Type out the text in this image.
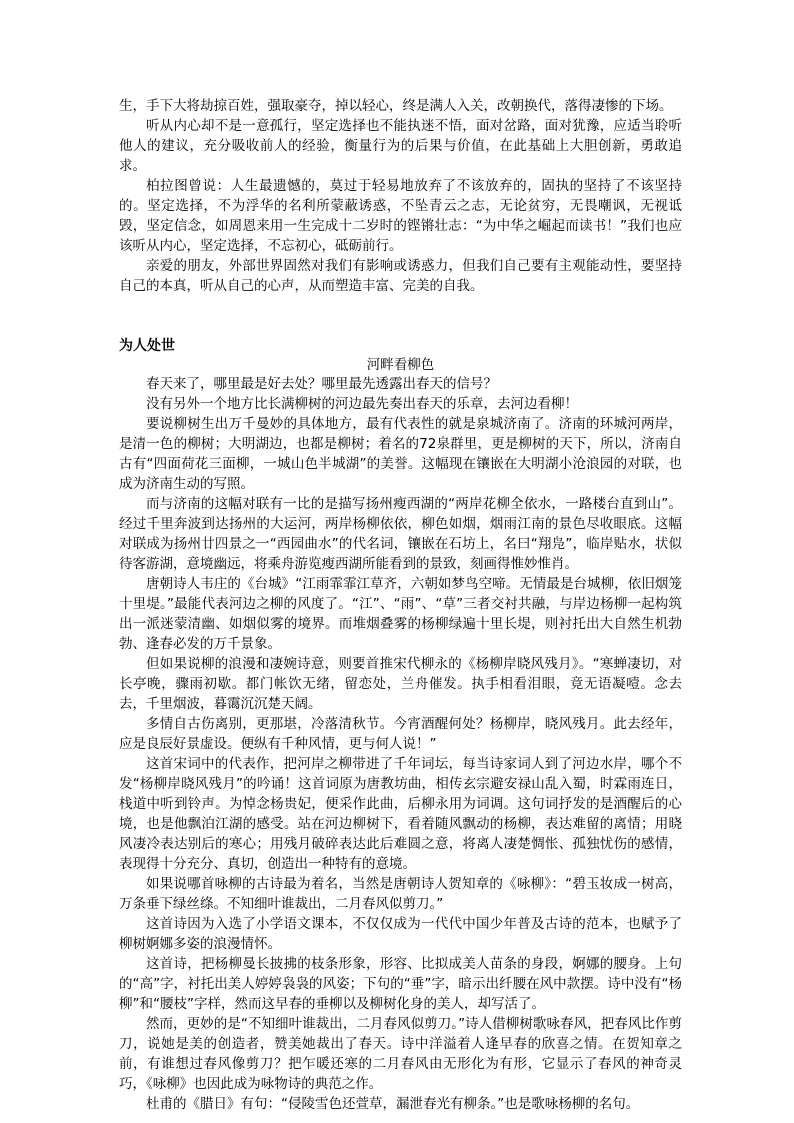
生，手下大将劫掠百姓，强取豪夺，掉以轻心，终是满人入关，改朝换代，落得凄惨的下场。

听从内心却不是一意孤行，坚定选择也不能执迷不悟，面对岔路，面对犹豫，应适当聆听他人的建议，充分吸收前人的经验，衡量行为的后果与价值，在此基础上大胆创新，勇敢追求。

柏拉图曾说：人生最遗憾的，莫过于轻易地放弃了不该放弃的，固执的坚持了不该坚持的。坚定选择，不为浮华的名利所蒙蔽诱惑，不坠青云之志，无论贫穷，无畏嘲讽，无视诋毁，坚定信念，如周恩来用一生完成十二岁时的铿锵壮志：“为中华之崛起而读书！”我们也应该听从内心，坚定选择，不忘初心，砥砺前行。

亲爱的朋友，外部世界固然对我们有影响或诱惑力，但我们自己要有主观能动性，要坚持自己的本真，听从自己的心声，从而塑造丰富、完美的自我。

为人处世
河畔看柳色

春天来了，哪里最是好去处？哪里最先透露出春天的信号？

没有另外一个地方比长满柳树的河边最先奏出春天的乐章，去河边看柳！

要说柳树生出万千曼妙的具体地方，最有代表性的就是泉城济南了。济南的环城河两岸，是清一色的柳树；大明湖边，也都是柳树；着名的72泉群里，更是柳树的天下，所以，济南自古有“四面荷花三面柳，一城山色半城湖”的美誉。这幅现在镶嵌在大明湖小沧浪园的对联，也成为济南生动的写照。

而与济南的这幅对联有一比的是描写扬州瘦西湖的“两岸花柳全依水，一路楼台直到山”。经过千里奔波到达扬州的大运河，两岸杨柳依依，柳色如烟，烟雨江南的景色尽收眼底。这幅对联成为扬州廿四景之一“西园曲水”的代名词，镶嵌在石坊上，名曰“翔凫”，临岸贴水，状似待客游湖，意境幽远，将乘舟游览瘦西湖所能看到的景致，刻画得惟妙惟肖。

唐朝诗人韦庄的《台城》“江雨霏霏江草齐，六朝如梦鸟空啼。无情最是台城柳，依旧烟笼十里堤。”最能代表河边之柳的风度了。“江”、“雨”、“草”三者交衬共融，与岸边杨柳一起构筑出一派迷蒙清幽、如烟似雾的境界。而堆烟叠雾的杨柳绿遍十里长堤，则衬托出大自然生机勃勃、逢春必发的万千景象。

但如果说柳的浪漫和凄婉诗意，则要首推宋代柳永的《杨柳岸晓风残月》。“寒蝉凄切，对长亭晚，骤雨初歇。都门帐饮无绪，留恋处，兰舟催发。执手相看泪眼，竟无语凝噎。念去去，千里烟波，暮霭沉沉楚天阔。

多情自古伤离别，更那堪，冷落清秋节。今宵酒醒何处？杨柳岸，晓风残月。此去经年，应是良辰好景虚设。便纵有千种风情，更与何人说！”

这首宋词中的代表作，把河岸之柳带进了千年词坛，每当诗家词人到了河边水岸，哪个不发“杨柳岸晓风残月”的吟诵！这首词原为唐教坊曲，相传玄宗避安禄山乱入蜀，时霖雨连日，栈道中听到铃声。为悼念杨贵妃，便采作此曲，后柳永用为词调。这句词抒发的是酒醒后的心境，也是他飘泊江湖的感受。站在河边柳树下，看着随风飘动的杨柳，表达难留的离情；用晓风凄冷表达别后的寒心；用残月破碎表达此后难圆之意，将离人凄楚惆怅、孤独忧伤的感情，表现得十分充分、真切，创造出一种特有的意境。

如果说哪首咏柳的古诗最为着名，当然是唐朝诗人贺知章的《咏柳》：“碧玉妆成一树高，万条垂下绿丝绦。不知细叶谁裁出，二月春风似剪刀。”

这首诗因为入选了小学语文课本，不仅仅成为一代代中国少年普及古诗的范本，也赋予了柳树婀娜多姿的浪漫情怀。

这首诗，把杨柳曼长披拂的枝条形象，形容、比拟成美人苗条的身段，婀娜的腰身。上句的“高”字，衬托出美人婷婷袅袅的风姿；下句的“垂”字，暗示出纤腰在风中款摆。诗中没有“杨柳”和“腰枝”字样，然而这早春的垂柳以及柳树化身的美人，却写活了。

然而，更妙的是“不知细叶谁裁出，二月春风似剪刀。”诗人借柳树歌咏春风，把春风比作剪刀，说她是美的创造者，赞美她裁出了春天。诗中洋溢着人逢早春的欣喜之情。在贺知章之前，有谁想过春风像剪刀？把乍暖还寒的二月春风由无形化为有形，它显示了春风的神奇灵巧，《咏柳》也因此成为咏物诗的典范之作。

杜甫的《腊日》有句：“侵陵雪色还萱草，漏泄春光有柳条。”也是歌咏杨柳的名句。
